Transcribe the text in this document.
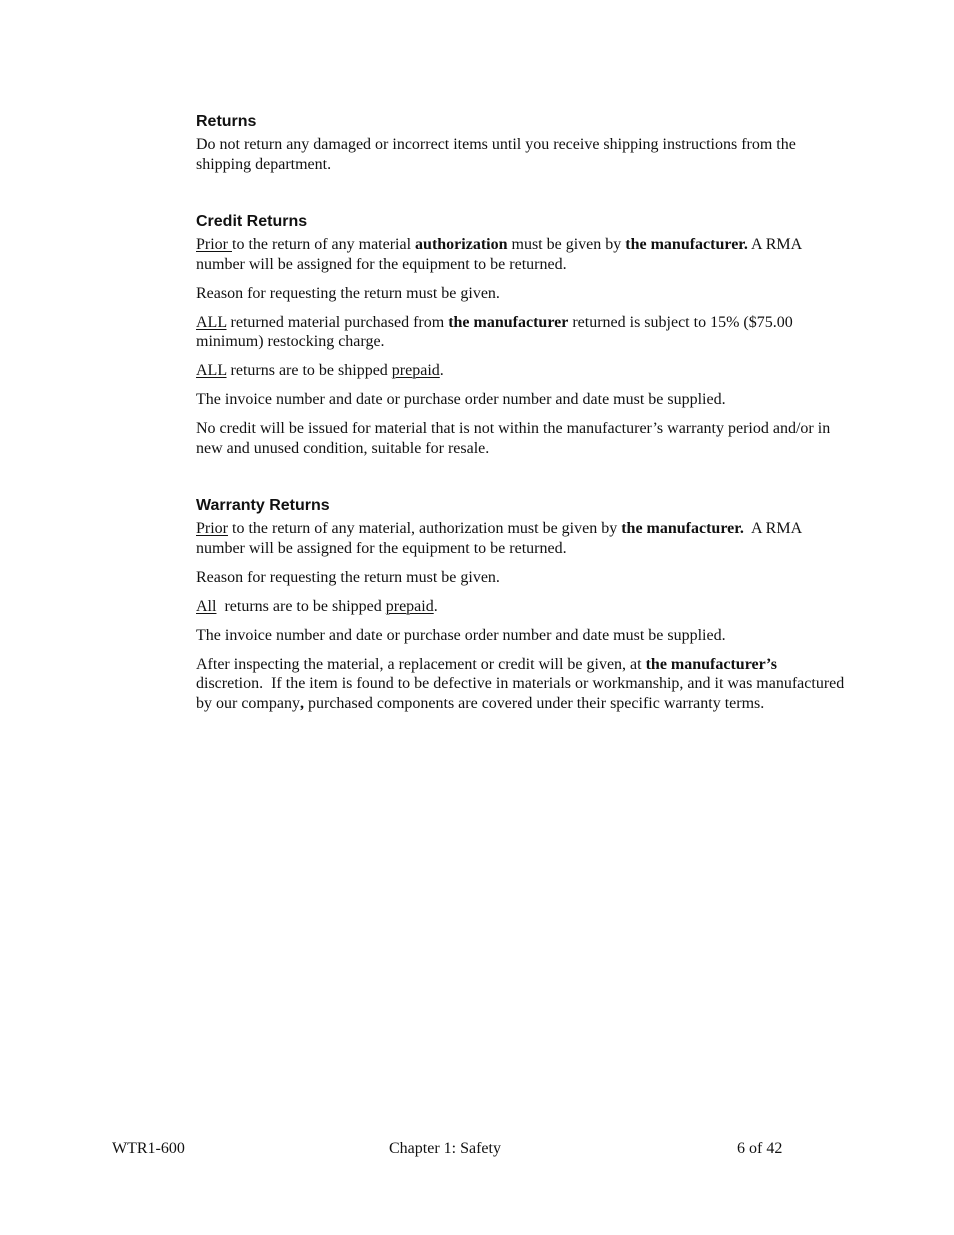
Returns

Do not return any damaged or incorrect items until you receive shipping instructions from the shipping department.

Credit Returns

Prior to the return of any material authorization must be given by the manufacturer. A RMA number will be assigned for the equipment to be returned.

Reason for requesting the return must be given.

ALL returned material purchased from the manufacturer returned is subject to 15% ($75.00 minimum) restocking charge.

ALL returns are to be shipped prepaid.

The invoice number and date or purchase order number and date must be supplied.

No credit will be issued for material that is not within the manufacturer’s warranty period and/or in new and unused condition, suitable for resale.

Warranty Returns

Prior to the return of any material, authorization must be given by the manufacturer.  A RMA number will be assigned for the equipment to be returned.

Reason for requesting the return must be given.

All  returns are to be shipped prepaid.

The invoice number and date or purchase order number and date must be supplied.

After inspecting the material, a replacement or credit will be given, at the manufacturer’s discretion.  If the item is found to be defective in materials or workmanship, and it was manufactured by our company, purchased components are covered under their specific warranty terms.

WTR1-600	Chapter 1: Safety	6 of 42
